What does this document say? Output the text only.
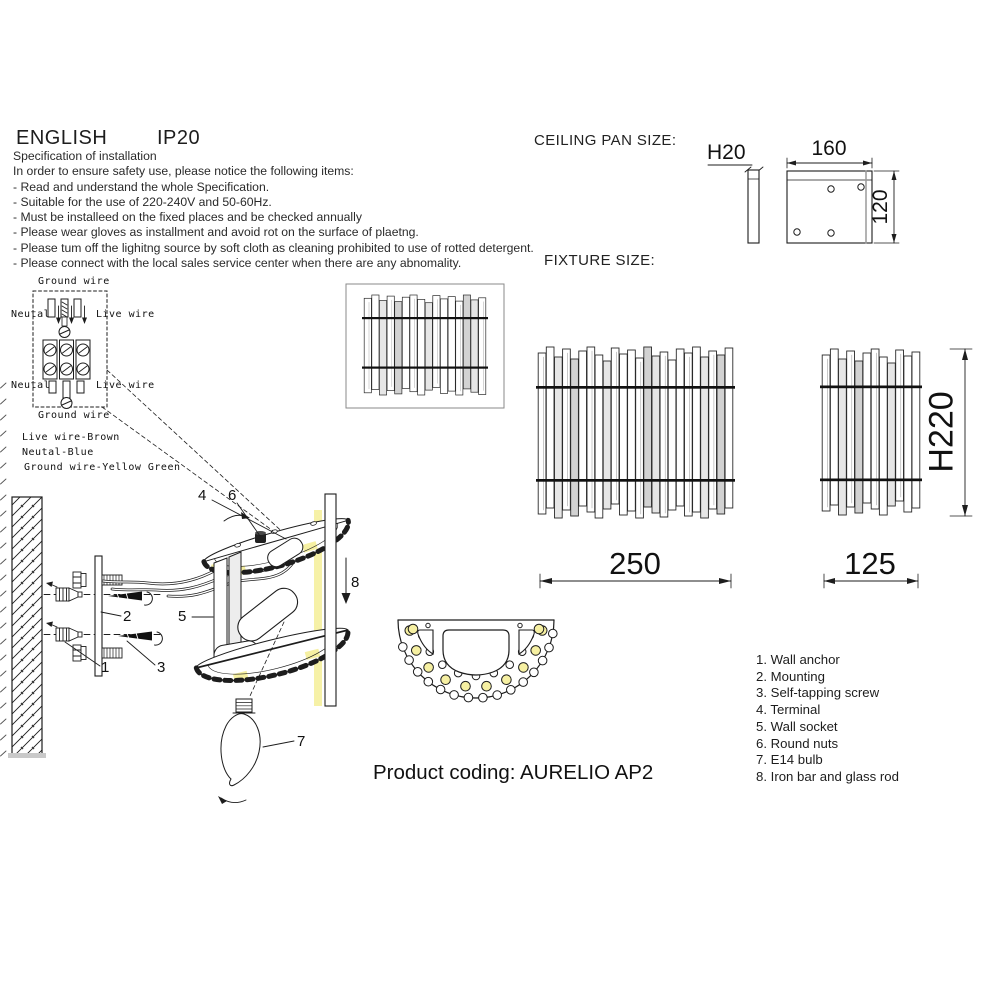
ENGLISH IP20
Specification of installation
In order to ensure safety use, please notice the following items:
- Read and understand the whole Specification.
- Suitable for the use of 220-240V and 50-60Hz.
- Must be installeed on the fixed places and be checked annually
- Please wear gloves as installment and avoid rot on the surface of plaetng.
- Please tum off the lighitng source by soft cloth as cleaning prohibited to use of rotted detergent.
- Please connect with the local sales service center when there are any abnomality.
Ground wire
Neutal	Live wire
Neutal	Live wire
Ground wire
Live wire-Brown
Neutal-Blue
Ground wire-Yellow Green
CEILING PAN SIZE:
FIXTURE SIZE:
H20	160
120
250	125
H220
1
2
3
4
5
6
7
8
1. Wall anchor
2. Mounting
3. Self-tapping screw
4. Terminal
5. Wall socket
6. Round nuts
7. E14 bulb
8. Iron bar and glass rod
Product coding: AURELIO AP2
